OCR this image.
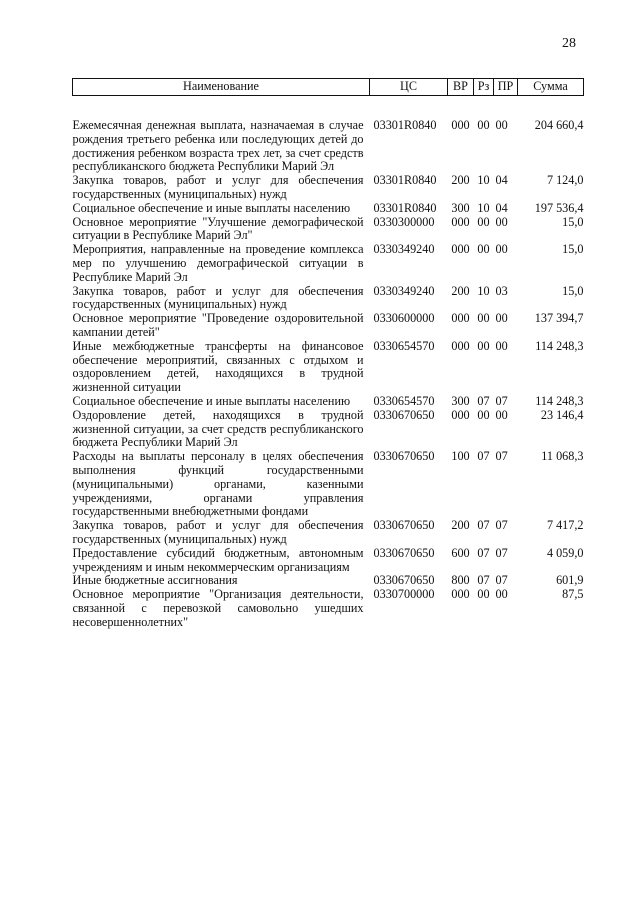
28
Наименование	ЦС	ВР	Рз	ПР	Сумма
Ежемесячная денежная выплата, назначаемая в случае рождения третьего ребенка или последующих детей до достижения ребенком возраста трех лет, за счет средств республиканского бюджета Республики Марий Эл	03301R0840	000	00	00	204 660,4
Закупка товаров, работ и услуг для обеспечения государственных (муниципальных) нужд	03301R0840	200	10	04	7 124,0
Социальное обеспечение и иные выплаты населению	03301R0840	300	10	04	197 536,4
Основное мероприятие "Улучшение демографической ситуации в Республике Марий Эл"	0330300000	000	00	00	15,0
Мероприятия, направленные на проведение комплекса мер по улучшению демографической ситуации в Республике Марий Эл	0330349240	000	00	00	15,0
Закупка товаров, работ и услуг для обеспечения государственных (муниципальных) нужд	0330349240	200	10	03	15,0
Основное мероприятие "Проведение оздоровительной кампании детей"	0330600000	000	00	00	137 394,7
Иные межбюджетные трансферты на финансовое обеспечение мероприятий, связанных с отдыхом и оздоровлением детей, находящихся в трудной жизненной ситуации	0330654570	000	00	00	114 248,3
Социальное обеспечение и иные выплаты населению	0330654570	300	07	07	114 248,3
Оздоровление детей, находящихся в трудной жизненной ситуации, за счет средств республиканского бюджета Республики Марий Эл	0330670650	000	00	00	23 146,4
Расходы на выплаты персоналу в целях обеспечения выполнения функций государственными (муниципальными) органами, казенными учреждениями, органами управления государственными внебюджетными фондами	0330670650	100	07	07	11 068,3
Закупка товаров, работ и услуг для обеспечения государственных (муниципальных) нужд	0330670650	200	07	07	7 417,2
Предоставление субсидий бюджетным, автономным учреждениям и иным некоммерческим организациям	0330670650	600	07	07	4 059,0
Иные бюджетные ассигнования	0330670650	800	07	07	601,9
Основное мероприятие "Организация деятельности, связанной с перевозкой самовольно ушедших несовершеннолетних"	0330700000	000	00	00	87,5
